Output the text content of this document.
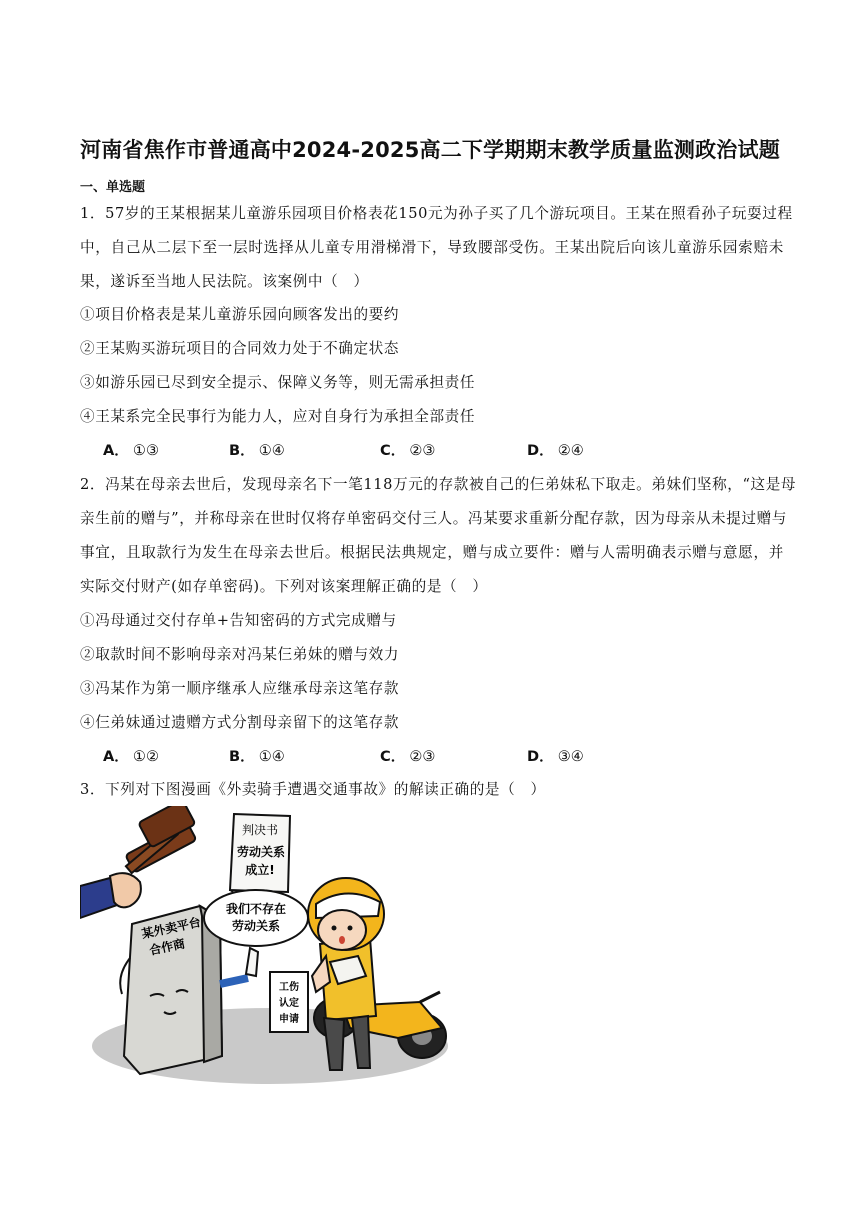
河南省焦作市普通高中2024-2025高二下学期期末教学质量监测政治试题
一、单选题
1．57岁的王某根据某儿童游乐园项目价格表花150元为孙子买了几个游玩项目。王某在照看孙子玩耍过程
中，自己从二层下至一层时选择从儿童专用滑梯滑下，导致腰部受伤。王某出院后向该儿童游乐园索赔未
果，遂诉至当地人民法院。该案例中（　）
①项目价格表是某儿童游乐园向顾客发出的要约
②王某购买游玩项目的合同效力处于不确定状态
③如游乐园已尽到安全提示、保障义务等，则无需承担责任
④王某系完全民事行为能力人，应对自身行为承担全部责任
A． ①③	B． ①④	C． ②③	D． ②④
2．冯某在母亲去世后，发现母亲名下一笔118万元的存款被自己的仨弟妹私下取走。弟妹们坚称，“这是母
亲生前的赠与”，并称母亲在世时仅将存单密码交付三人。冯某要求重新分配存款，因为母亲从未提过赠与
事宜，且取款行为发生在母亲去世后。根据民法典规定，赠与成立要件：赠与人需明确表示赠与意愿，并
实际交付财产(如存单密码)。下列对该案理解正确的是（　）
①冯母通过交付存单+告知密码的方式完成赠与
②取款时间不影响母亲对冯某仨弟妹的赠与效力
③冯某作为第一顺序继承人应继承母亲这笔存款
④仨弟妹通过遗赠方式分割母亲留下的这笔存款
A． ①②	B． ①④	C． ②③	D． ③④
3．下列对下图漫画《外卖骑手遭遇交通事故》的解读正确的是（　）
判决书
劳动关系
成立!
某外卖平台
合作商
我们不存在
劳动关系
工伤
认定
申请
